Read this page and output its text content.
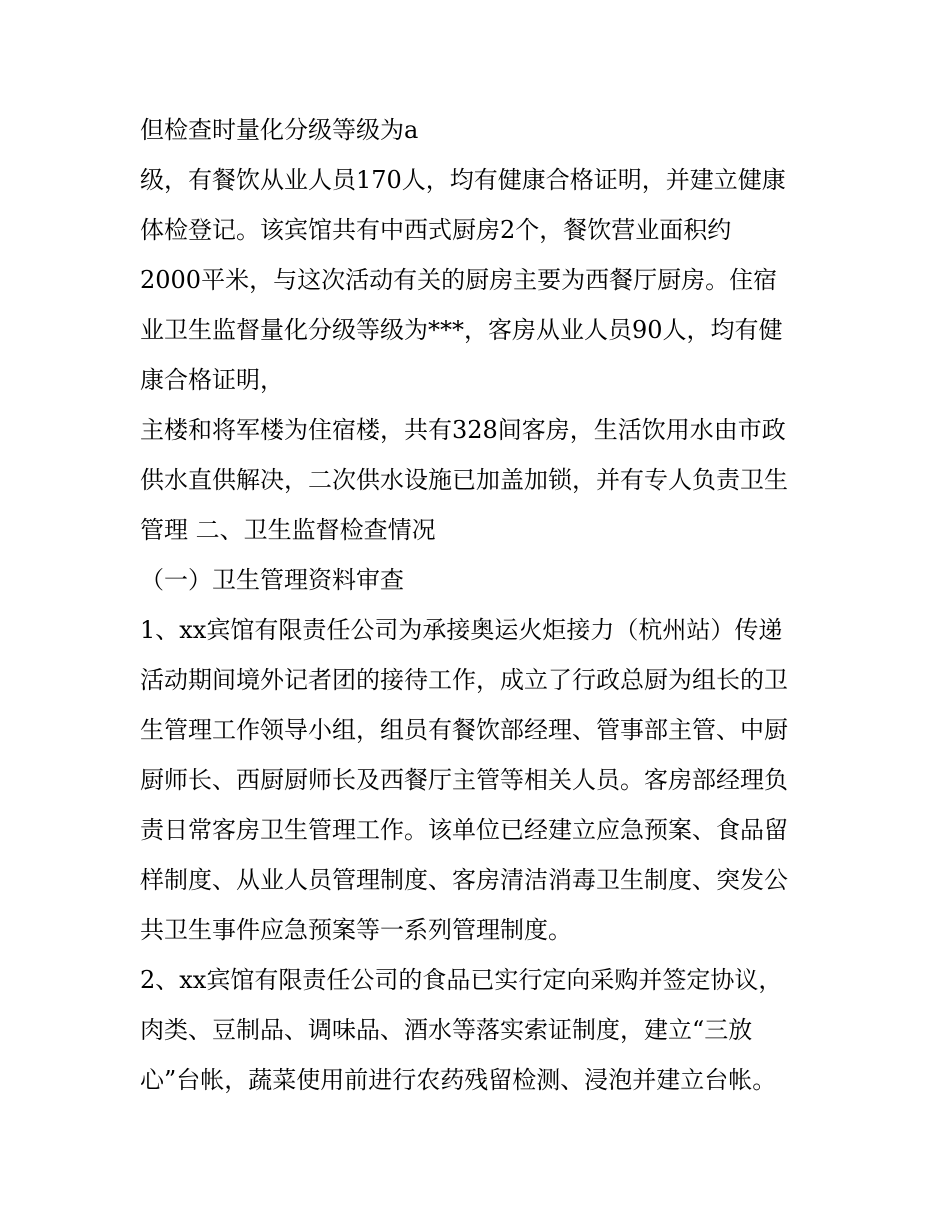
但检查时量化分级等级为a
级，有餐饮从业人员170人，均有健康合格证明，并建立健康
体检登记。该宾馆共有中西式厨房2个，餐饮营业面积约
2000平米，与这次活动有关的厨房主要为西餐厅厨房。住宿
业卫生监督量化分级等级为***，客房从业人员90人，均有健
康合格证明，
主楼和将军楼为住宿楼，共有328间客房，生活饮用水由市政
供水直供解决，二次供水设施已加盖加锁，并有专人负责卫生
管理 二、卫生监督检查情况
（一）卫生管理资料审查
1、xx宾馆有限责任公司为承接奥运火炬接力（杭州站）传递
活动期间境外记者团的接待工作，成立了行政总厨为组长的卫
生管理工作领导小组，组员有餐饮部经理、管事部主管、中厨
厨师长、西厨厨师长及西餐厅主管等相关人员。客房部经理负
责日常客房卫生管理工作。该单位已经建立应急预案、食品留
样制度、从业人员管理制度、客房清洁消毒卫生制度、突发公
共卫生事件应急预案等一系列管理制度。
2、xx宾馆有限责任公司的食品已实行定向采购并签定协议，
肉类、豆制品、调味品、酒水等落实索证制度，建立“三放
心”台帐，蔬菜使用前进行农药残留检测、浸泡并建立台帐。
